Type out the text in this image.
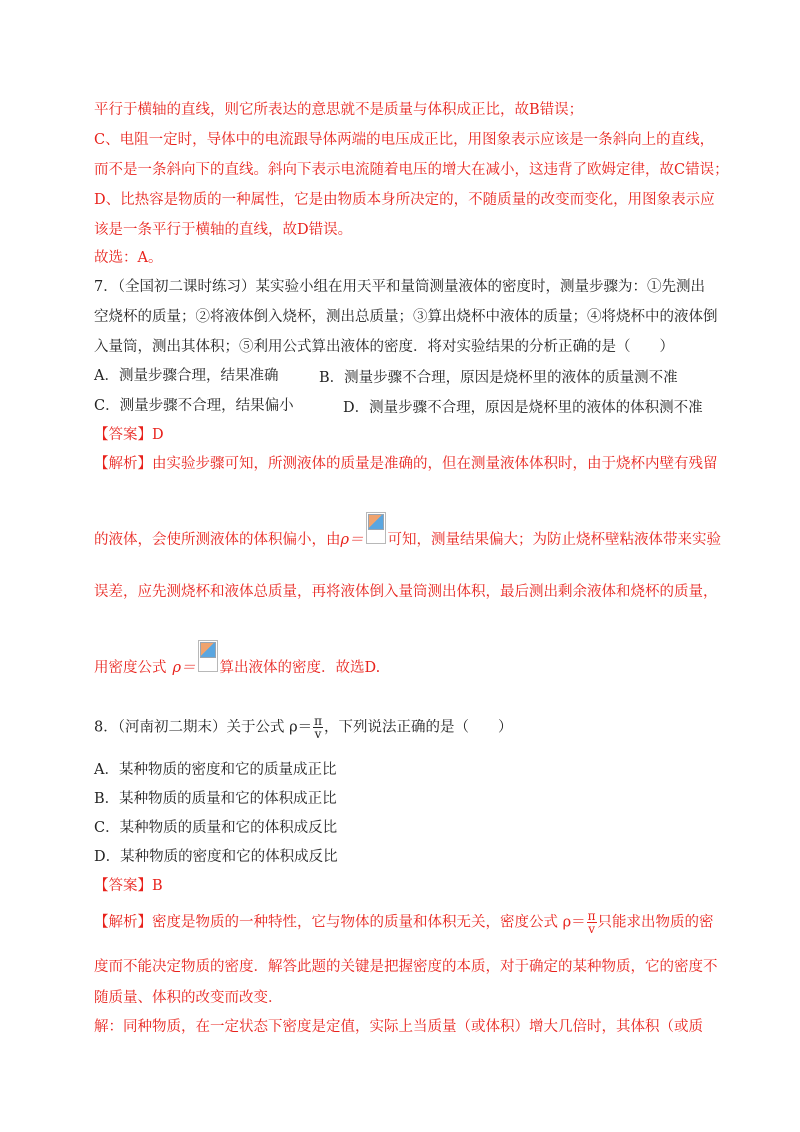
平行于横轴的直线，则它所表达的意思就不是质量与体积成正比，故B错误；
C、电阻一定时，导体中的电流跟导体两端的电压成正比，用图象表示应该是一条斜向上的直线，
而不是一条斜向下的直线。斜向下表示电流随着电压的增大在减小，这违背了欧姆定律，故C错误；
D、比热容是物质的一种属性，它是由物质本身所决定的，不随质量的改变而变化，用图象表示应
该是一条平行于横轴的直线，故D错误。
故选：A。
7．（全国初二课时练习）某实验小组在用天平和量筒测量液体的密度时，测量步骤为：①先测出
空烧杯的质量；②将液体倒入烧杯，测出总质量；③算出烧杯中液体的质量；④将烧杯中的液体倒
入量筒，测出其体积；⑤利用公式算出液体的密度．将对实验结果的分析正确的是（　　）
A．测量步骤合理，结果准确	B．测量步骤不合理，原因是烧杯里的液体的质量测不准
C．测量步骤不合理，结果偏小	D．测量步骤不合理，原因是烧杯里的液体的体积测不准
【答案】D
【解析】由实验步骤可知，所测液体的质量是准确的，但在测量液体体积时，由于烧杯内壁有残留
的液体，会使所测液体的体积偏小，由ρ＝ 可知，测量结果偏大；为防止烧杯壁粘液体带来实验
误差，应先测烧杯和液体总质量，再将液体倒入量筒测出体积，最后测出剩余液体和烧杯的质量，
用密度公式 ρ＝ 算出液体的密度．故选D.
8．（河南初二期末）关于公式 $\rho= \frac{\pi}{v}$ ，下列说法正确的是（　　）
A．某种物质的密度和它的质量成正比
B．某种物质的质量和它的体积成正比
C．某种物质的质量和它的体积成反比
D．某种物质的密度和它的体积成反比
【答案】B
【解析】密度是物质的一种特性，它与物体的质量和体积无关，密度公式 $\rho= \frac{\pi}{v}$ 只能求出物质的密
度而不能决定物质的密度．解答此题的关键是把握密度的本质，对于确定的某种物质，它的密度不
随质量、体积的改变而改变．
解：同种物质，在一定状态下密度是定值，实际上当质量（或体积）增大几倍时，其体积（或质
